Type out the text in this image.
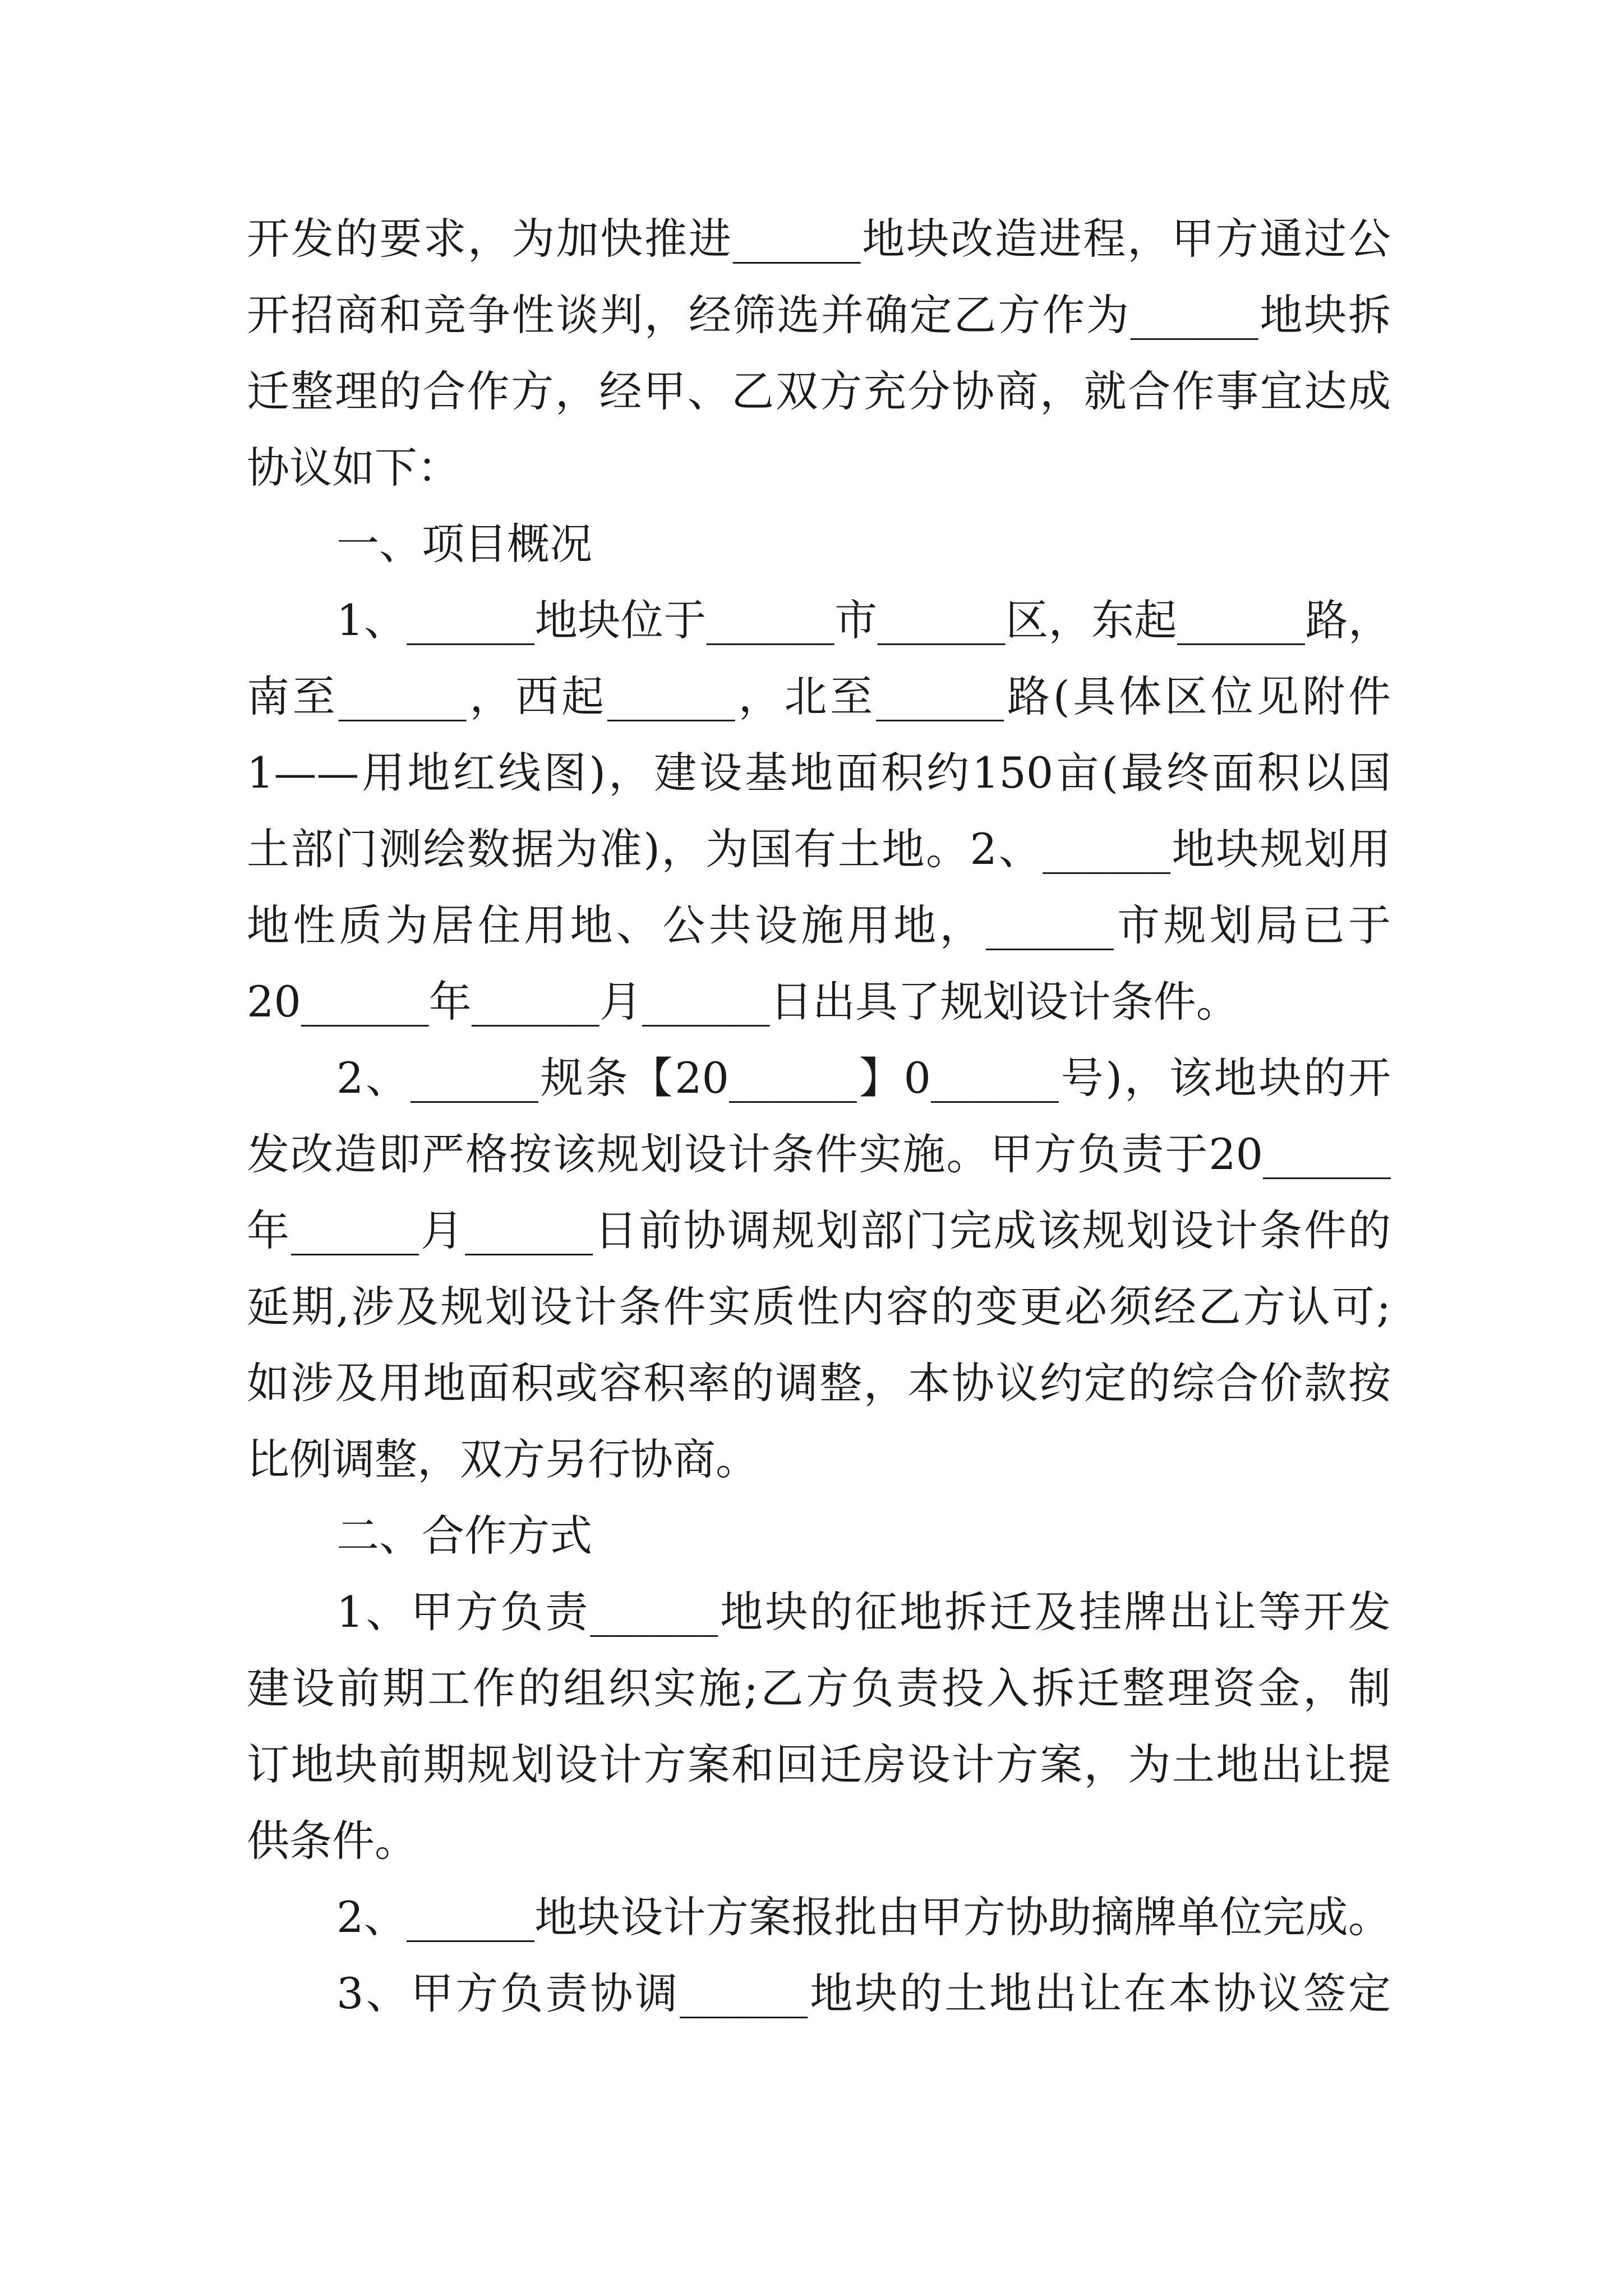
开发的要求，为加快推进______地块改造进程，甲方通过公
开招商和竞争性谈判，经筛选并确定乙方作为______地块拆
迁整理的合作方，经甲、乙双方充分协商，就合作事宜达成
协议如下：
一、项目概况
1、______地块位于______市______区，东起______路，
南至______，西起______，北至______路(具体区位见附件
1——用地红线图)，建设基地面积约150亩(最终面积以国
土部门测绘数据为准)，为国有土地。2、______地块规划用
地性质为居住用地、公共设施用地，______市规划局已于
20______年______月______日出具了规划设计条件。
2、______规条【20______】0______号)，该地块的开
发改造即严格按该规划设计条件实施。甲方负责于20______
年______月______日前协调规划部门完成该规划设计条件的
延期,涉及规划设计条件实质性内容的变更必须经乙方认可;
如涉及用地面积或容积率的调整，本协议约定的综合价款按
比例调整，双方另行协商。
二、合作方式
1、甲方负责______地块的征地拆迁及挂牌出让等开发
建设前期工作的组织实施;乙方负责投入拆迁整理资金，制
订地块前期规划设计方案和回迁房设计方案，为土地出让提
供条件。
2、______地块设计方案报批由甲方协助摘牌单位完成。
3、甲方负责协调______地块的土地出让在本协议签定
